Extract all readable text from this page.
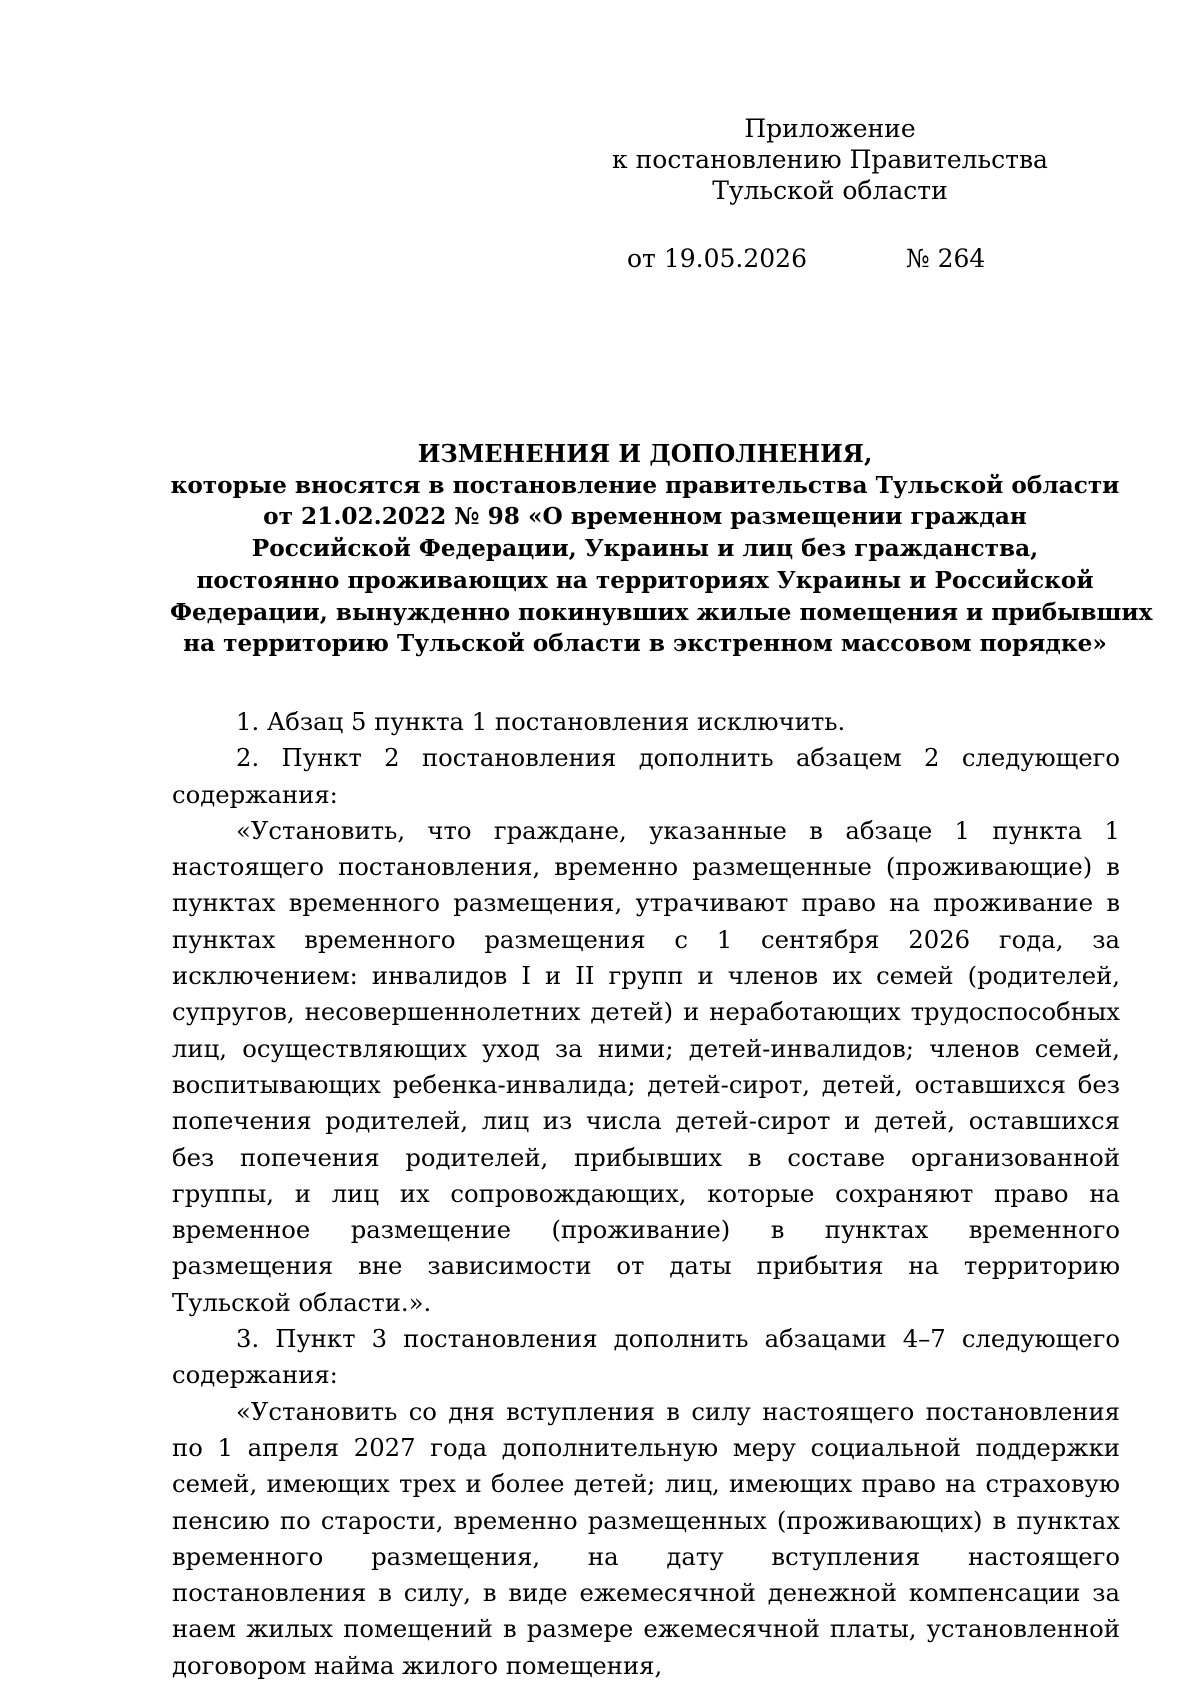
Приложение
к постановлению Правительства
Тульской области
от 19.05.2026	№ 264
ИЗМЕНЕНИЯ И ДОПОЛНЕНИЯ,
которые вносятся в постановление правительства Тульской области
от 21.02.2022 № 98 «О временном размещении граждан
Российской Федерации, Украины и лиц без гражданства,
постоянно проживающих на территориях Украины и Российской
Федерации, вынужденно покинувших жилые помещения и прибывших
на территорию Тульской области в экстренном массовом порядке»

1. Абзац 5 пункта 1 постановления исключить.

2. Пункт 2 постановления дополнить абзацем 2 следующего содержания:

«Установить, что граждане, указанные в абзаце 1 пункта 1 настоящего постановления, временно размещенные (проживающие) в пунктах временного размещения, утрачивают право на проживание в пунктах временного размещения с 1 сентября 2026 года, за исключением: инвалидов I и II групп и членов их семей (родителей, супругов, несовершеннолетних детей) и неработающих трудоспособных лиц, осуществляющих уход за ними; детей-инвалидов; членов семей, воспитывающих ребенка-инвалида; детей-сирот, детей, оставшихся без попечения родителей, лиц из числа детей-сирот и детей, оставшихся без попечения родителей, прибывших в составе организованной группы, и лиц их сопровождающих, которые сохраняют право на временное размещение (проживание) в пунктах временного размещения вне зависимости от даты прибытия на территорию Тульской области.».

3. Пункт 3 постановления дополнить абзацами 4–7 следующего содержания:

«Установить со дня вступления в силу настоящего постановления по 1 апреля 2027 года дополнительную меру социальной поддержки семей, имеющих трех и более детей; лиц, имеющих право на страховую пенсию по старости, временно размещенных (проживающих) в пунктах временного размещения, на дату вступления настоящего постановления в силу, в виде ежемесячной денежной компенсации за наем жилых помещений в размере ежемесячной платы, установленной договором найма жилого помещения,
